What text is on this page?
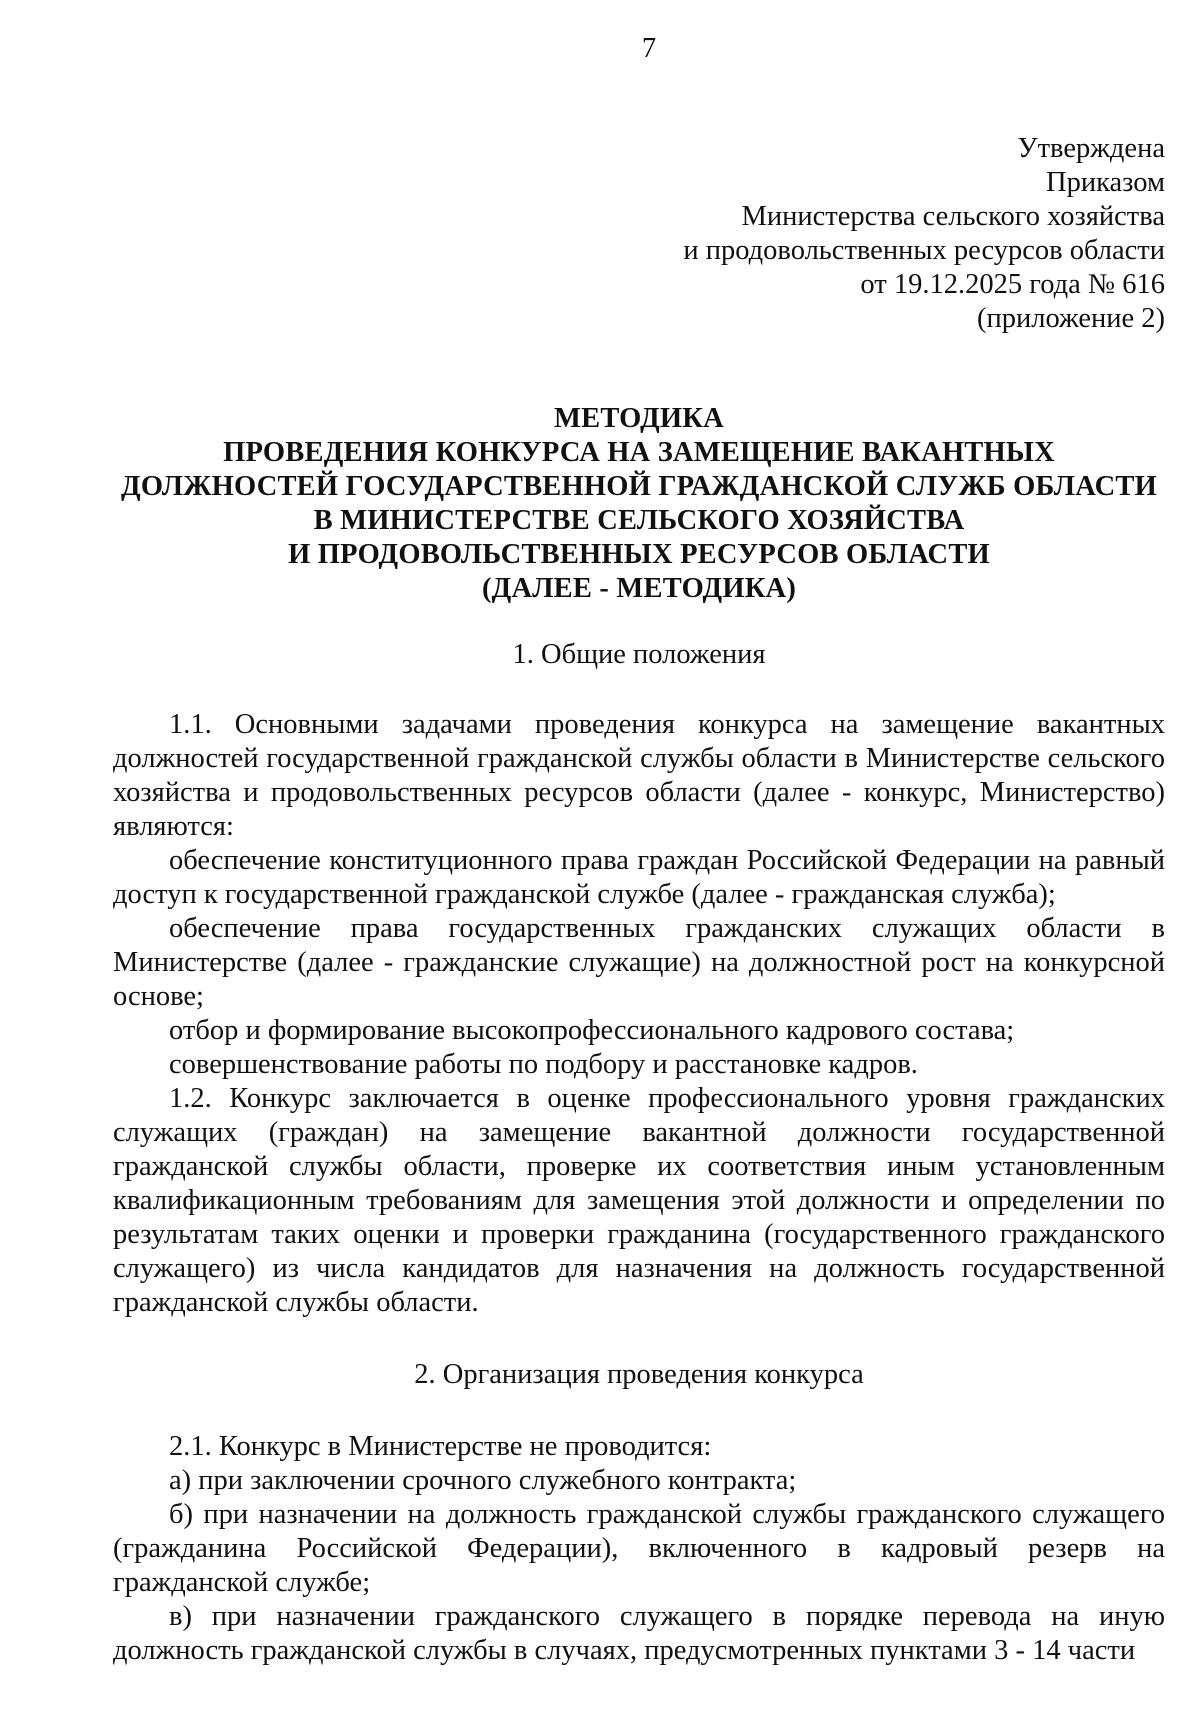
7
Утверждена
Приказом
Министерства сельского хозяйства
и продовольственных ресурсов области
от 19.12.2025 года № 616
(приложение 2)
МЕТОДИКА
ПРОВЕДЕНИЯ КОНКУРСА НА ЗАМЕЩЕНИЕ ВАКАНТНЫХ
ДОЛЖНОСТЕЙ ГОСУДАРСТВЕННОЙ ГРАЖДАНСКОЙ СЛУЖБ ОБЛАСТИ
В МИНИСТЕРСТВЕ СЕЛЬСКОГО ХОЗЯЙСТВА
И ПРОДОВОЛЬСТВЕННЫХ РЕСУРСОВ ОБЛАСТИ
(ДАЛЕЕ - МЕТОДИКА)
1. Общие положения

1.1. Основными задачами проведения конкурса на замещение вакантных должностей государственной гражданской службы области в Министерстве сельского хозяйства и продовольственных ресурсов области (далее - конкурс, Министерство) являются:

обеспечение конституционного права граждан Российской Федерации на равный доступ к государственной гражданской службе (далее - гражданская служба);

обеспечение права государственных гражданских служащих области в Министерстве (далее - гражданские служащие) на должностной рост на конкурсной основе;

отбор и формирование высокопрофессионального кадрового состава;

совершенствование работы по подбору и расстановке кадров.

1.2. Конкурс заключается в оценке профессионального уровня гражданских служащих (граждан) на замещение вакантной должности государственной гражданской службы области, проверке их соответствия иным установленным квалификационным требованиям для замещения этой должности и определении по результатам таких оценки и проверки гражданина (государственного гражданского служащего) из числа кандидатов для назначения на должность государственной гражданской службы области.

2. Организация проведения конкурса

2.1. Конкурс в Министерстве не проводится:

а) при заключении срочного служебного контракта;

б) при назначении на должность гражданской службы гражданского служащего (гражданина Российской Федерации), включенного в кадровый резерв на гражданской службе;

в) при назначении гражданского служащего в порядке перевода на иную должность гражданской службы в случаях, предусмотренных пунктами 3 - 14 части
